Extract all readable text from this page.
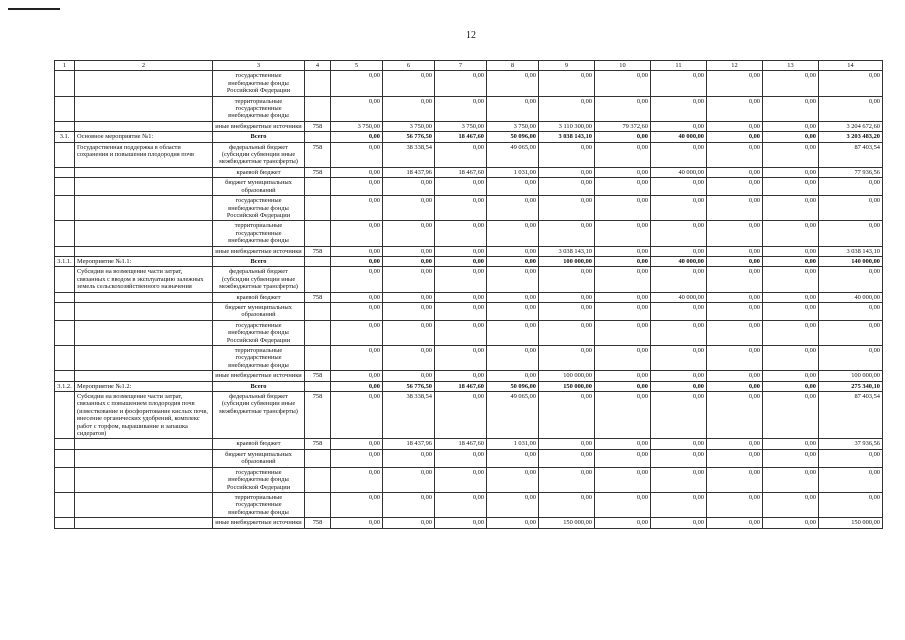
12
1	2	3	4	5	6	7	8	9	10	11	12	13	14
		государственные внебюджетные фонды Российской Федерации		0,00	0,00	0,00	0,00	0,00	0,00	0,00	0,00	0,00	0,00
		территориальные государственные внебюджетные фонды		0,00	0,00	0,00	0,00	0,00	0,00	0,00	0,00	0,00	0,00
		иные внебюджетные источники	758	3 750,00	3 750,00	3 750,00	3 750,00	3 110 300,00	79 372,60	0,00	0,00	0,00	3 204 672,60
3.1.	Основное мероприятие №1:	Всего		0,00	56 776,50	18 467,60	50 096,00	3 038 143,10	0,00	40 000,00	0,00	0,00	3 203 483,20
	Государственная поддержка в области сохранения и повышения плодородия почв	федеральный бюджет (субсидии субвенции иные межбюджетные трансферты)	758	0,00	38 338,54	0,00	49 065,00	0,00	0,00	0,00	0,00	0,00	87 403,54
		краевой бюджет	758	0,00	18 437,96	18 467,60	1 031,00	0,00	0,00	40 000,00	0,00	0,00	77 936,56
		бюджет муниципальных образований		0,00	0,00	0,00	0,00	0,00	0,00	0,00	0,00	0,00	0,00
		государственные внебюджетные фонды Российской Федерации		0,00	0,00	0,00	0,00	0,00	0,00	0,00	0,00	0,00	0,00
		территориальные государственные внебюджетные фонды		0,00	0,00	0,00	0,00	0,00	0,00	0,00	0,00	0,00	0,00
		иные внебюджетные источники	758	0,00	0,00	0,00	0,00	3 038 143,10	0,00	0,00	0,00	0,00	3 038 143,10
3.1.1.	Мероприятие №1.1:	Всего		0,00	0,00	0,00	0,00	100 000,00	0,00	40 000,00	0,00	0,00	140 000,00
	Субсидии на возмещение части затрат, связанных с вводом в эксплуатацию залежных земель сельскохозяйственного назначения	федеральный бюджет (субсидии субвенции иные межбюджетные трансферты)		0,00	0,00	0,00	0,00	0,00	0,00	0,00	0,00	0,00	0,00
		краевой бюджет	758	0,00	0,00	0,00	0,00	0,00	0,00	40 000,00	0,00	0,00	40 000,00
		бюджет муниципальных образований		0,00	0,00	0,00	0,00	0,00	0,00	0,00	0,00	0,00	0,00
		государственные внебюджетные фонды Российской Федерации		0,00	0,00	0,00	0,00	0,00	0,00	0,00	0,00	0,00	0,00
		территориальные государственные внебюджетные фонды		0,00	0,00	0,00	0,00	0,00	0,00	0,00	0,00	0,00	0,00
		иные внебюджетные источники	758	0,00	0,00	0,00	0,00	100 000,00	0,00	0,00	0,00	0,00	100 000,00
3.1.2.	Мероприятие №1.2:	Всего		0,00	56 776,50	18 467,60	50 096,00	150 000,00	0,00	0,00	0,00	0,00	275 340,10
	Субсидии на возмещение части затрат, связанных с повышением плодородия почв (известкование и фосфоритование кислых почв, внесение органических удобрений, комплекс работ с торфом, вырашивание и запашка сидератов)	федеральный бюджет (субсидии субвенции иные межбюджетные трансферты)	758	0,00	38 338,54	0,00	49 065,00	0,00	0,00	0,00	0,00	0,00	87 403,54
		краевой бюджет	758	0,00	18 437,96	18 467,60	1 031,00	0,00	0,00	0,00	0,00	0,00	37 936,56
		бюджет муниципальных образований		0,00	0,00	0,00	0,00	0,00	0,00	0,00	0,00	0,00	0,00
		государственные внебюджетные фонды Российской Федерации		0,00	0,00	0,00	0,00	0,00	0,00	0,00	0,00	0,00	0,00
		территориальные государственные внебюджетные фонды		0,00	0,00	0,00	0,00	0,00	0,00	0,00	0,00	0,00	0,00
		иные внебюджетные источники	758	0,00	0,00	0,00	0,00	150 000,00	0,00	0,00	0,00	0,00	150 000,00
